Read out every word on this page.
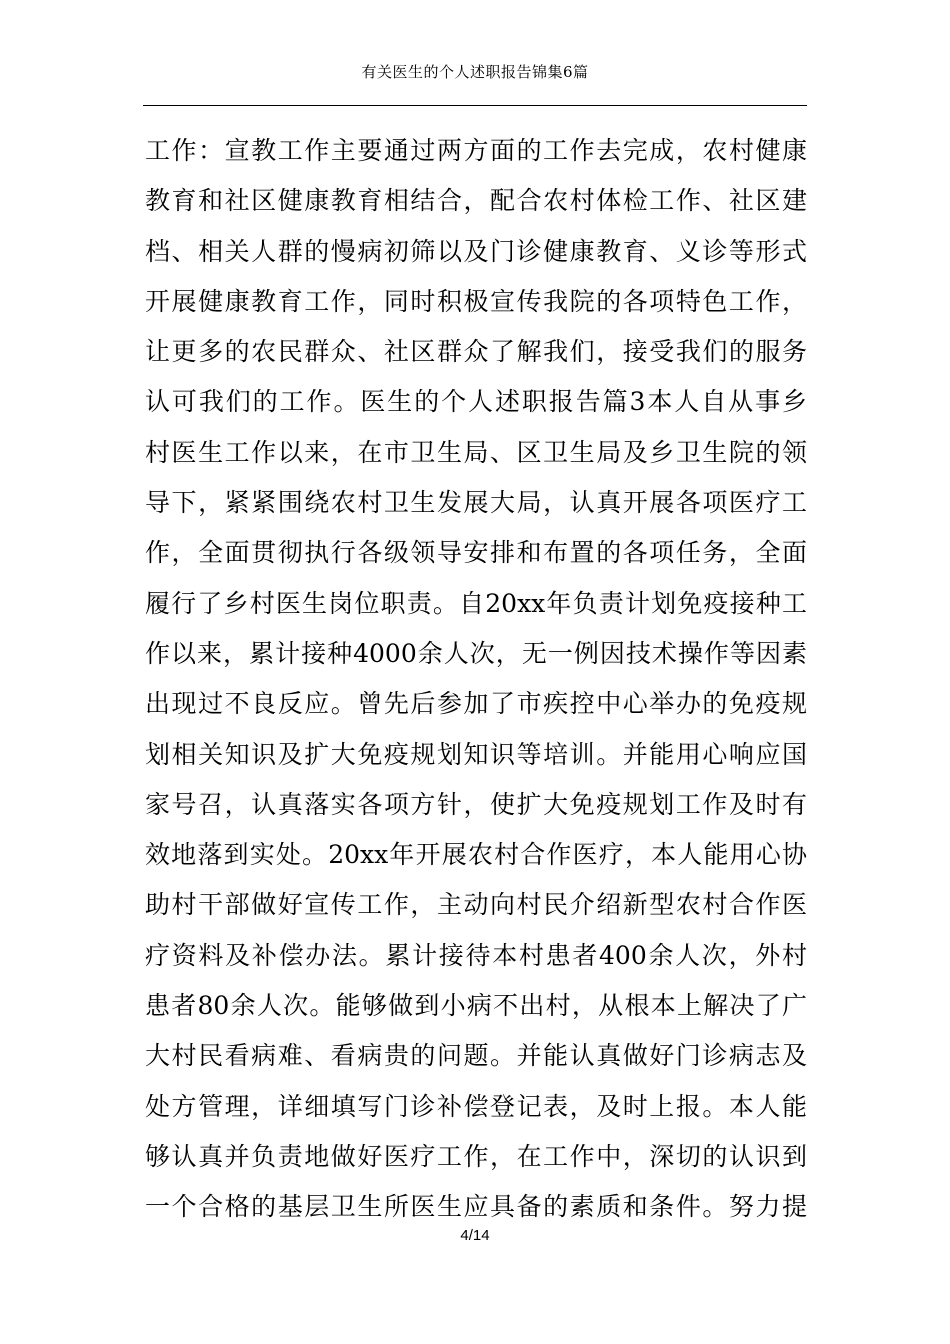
有关医生的个人述职报告锦集6篇
工作：宣教工作主要通过两方面的工作去完成，农村健康
教育和社区健康教育相结合，配合农村体检工作、社区建
档、相关人群的慢病初筛以及门诊健康教育、义诊等形式
开展健康教育工作，同时积极宣传我院的各项特色工作，
让更多的农民群众、社区群众了解我们，接受我们的服务
认可我们的工作。医生的个人述职报告篇3本人自从事乡
村医生工作以来，在市卫生局、区卫生局及乡卫生院的领
导下，紧紧围绕农村卫生发展大局，认真开展各项医疗工
作，全面贯彻执行各级领导安排和布置的各项任务，全面
履行了乡村医生岗位职责。自20xx年负责计划免疫接种工
作以来，累计接种4000余人次，无一例因技术操作等因素
出现过不良反应。曾先后参加了市疾控中心举办的免疫规
划相关知识及扩大免疫规划知识等培训。并能用心响应国
家号召，认真落实各项方针，使扩大免疫规划工作及时有
效地落到实处。20xx年开展农村合作医疗，本人能用心协
助村干部做好宣传工作，主动向村民介绍新型农村合作医
疗资料及补偿办法。累计接待本村患者400余人次，外村
患者80余人次。能够做到小病不出村，从根本上解决了广
大村民看病难、看病贵的问题。并能认真做好门诊病志及
处方管理，详细填写门诊补偿登记表，及时上报。本人能
够认真并负责地做好医疗工作，在工作中，深切的认识到
一个合格的基层卫生所医生应具备的素质和条件。努力提
4/14
